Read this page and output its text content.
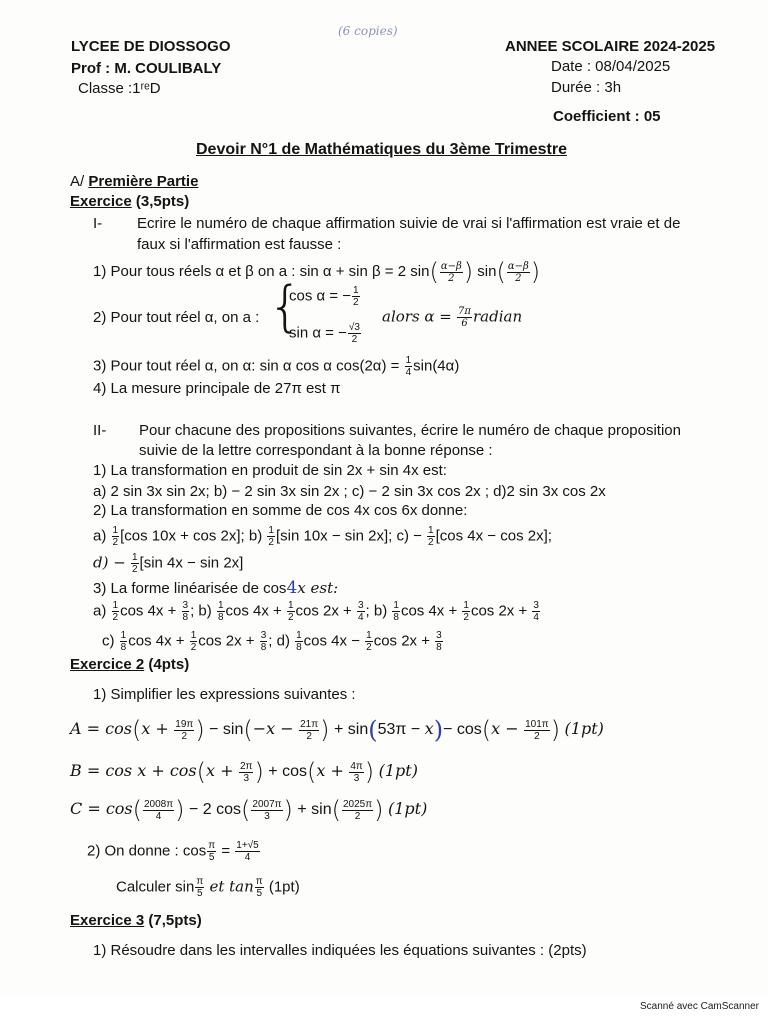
LYCEE DE DIOSSOGO
Prof : M. COULIBALY
Classe :1ʳᵉD
(6 copies)
ANNEE SCOLAIRE 2024-2025
Date : 08/04/2025
Durée : 3h
Coefficient : 05
Devoir N°1 de Mathématiques du 3ème Trimestre
A/ Première Partie
Exercice (3,5pts)
I- Ecrire le numéro de chaque affirmation suivie de vrai si l'affirmation est vraie et de
faux si l'affirmation est fausse :
1) Pour tous réels α et β on a : sin α + sin β = 2 $\sin( \frac{\alpha-\beta}{2}$ ) $\sin( \frac{\alpha-\beta}{2}$ )
2) Pour tout réel α, on a : {
cos α = − $\frac{1}{2}$
sin α = − $\frac{√3}{2}$
alors $\alpha = \frac{7\pi}{6}$ radian
3) Pour tout réel α, on α: sin α cos α $\cos(2\alpha) = \frac{1}{4} \sin(4\alpha)$
4) La mesure principale de 27π est π
II- Pour chacune des propositions suivantes, écrire le numéro de chaque proposition
suivie de la lettre correspondant à la bonne réponse :
1) La transformation en produit de sin 2x + sin 4x est:
a) 2 sin 3x sin 2x; b) − 2 sin 3x sin 2x ; c) − 2 sin 3x cos 2x ; d)2 sin 3x cos 2x
2) La transformation en somme de cos 4x cos 6x donne:
$a) \frac{1}{2} [\cos$ 10x + cos 2x]; $b) \frac{1}{2} [\sin$ 10x − sin 2x]; $c) - \frac{1}{2} [\cos$ 4x − cos 2x];
$d) - \frac{1}{2} [\sin$ 4x − sin 2x]
3) La forme linéarisée de cos4x est:
a) 1
2 $\cos 4x + \frac{3}{8}$ ; $b) \frac{1}{8}$ $\cos 4x + \frac{1}{2}$ $\cos 2x + \frac{3}{4}$ ; $b) \frac{1}{8}$ $\cos 4x + \frac{1}{2}$ $\cos 2x + \frac{3}{4}$
$c) \frac{1}{8}$ $\cos 4x + \frac{1}{2}$ $\cos 2x + \frac{3}{8}$ ; $d) \frac{1}{8}$ $\cos 4x - \frac{1}{2}$ $\cos 2x + \frac{3}{8}$
Exercice 2 (4pts)
1) Simplifier les expressions suivantes :
$A = \cos(x + \frac{19\pi}{2}$ ) − $\sin(-x - \frac{21\pi}{2}$ ) + $\sin(53\pi - x)- \cos(x - \frac{101\pi}{2}$ ) (1pt)
$B = \cos x + \cos(x + \frac{2\pi}{3}$ ) + $\cos(x + \frac{4\pi}{3}$ ) (1pt)
$C = \cos( \frac{2008\pi}{4}$ ) − 2 $\cos( \frac{2007\pi}{3}$ ) + $\sin( \frac{2025\pi}{2}$ ) (1pt)
2) On donne : $\cos \frac{\pi}{5} = \frac{1+√5}{4}$
Calculer $\sin \frac{\pi}{5}$ et $\tan \frac{\pi}{5} (1pt)$
Exercice 3 (7,5pts)
1) Résoudre dans les intervalles indiquées les équations suivantes : (2pts)
Scanné avec CamScanner
